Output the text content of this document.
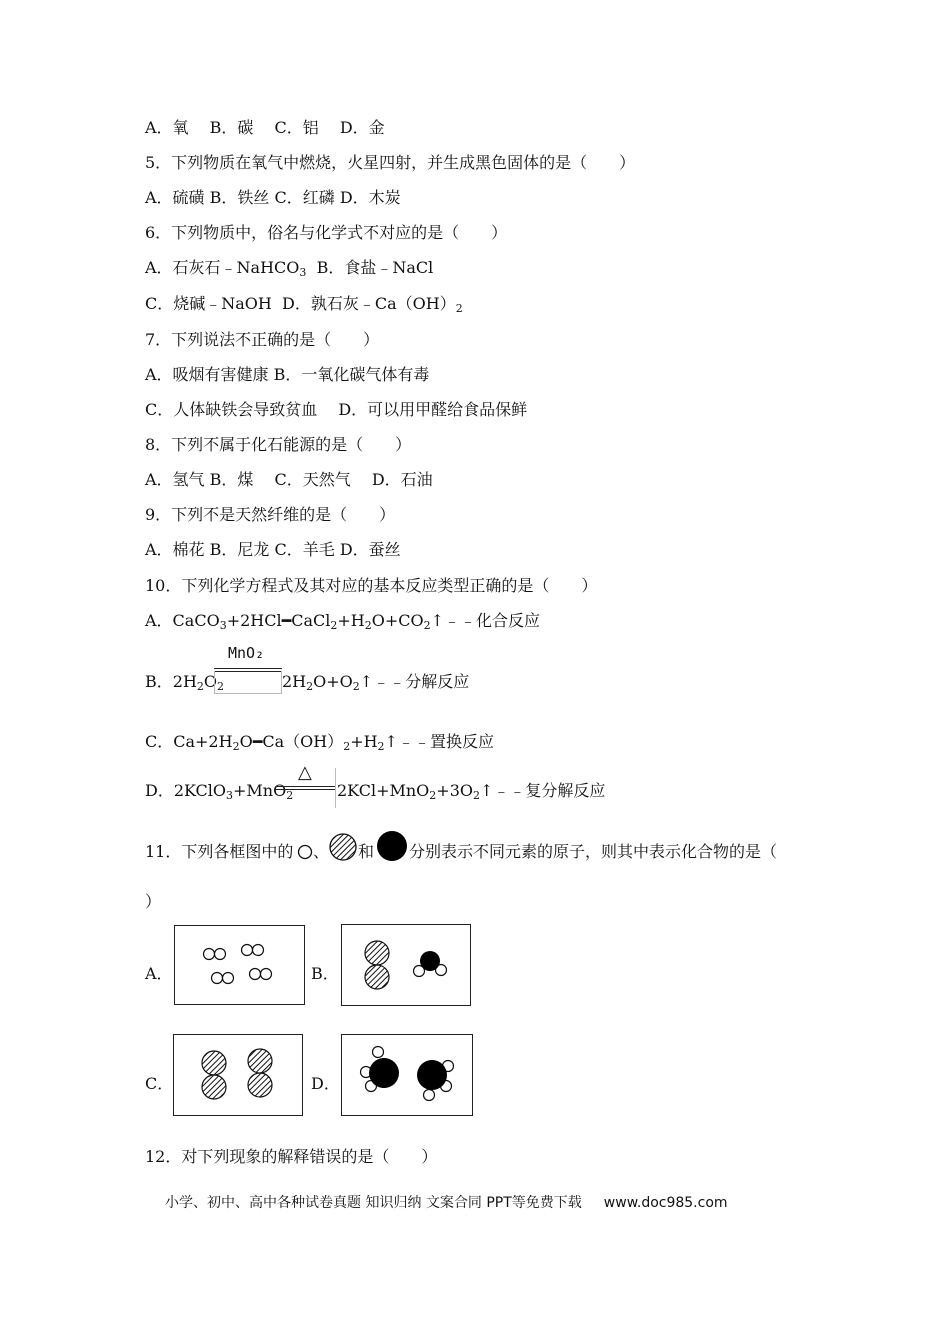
A．氧　 B．碳　 C．铝　 D．金
5．下列物质在氧气中燃烧，火星四射，并生成黑色固体的是（　　）
A．硫磺 B．铁丝 C．红磷 D．木炭
6．下列物质中，俗名与化学式不对应的是（　　）
A．石灰石﹣NaHCO$_3$ B．食盐﹣NaCl
C．烧碱﹣NaOH D．孰石灰$﹣Ca(OH)_2$
7．下列说法不正确的是（　　）
A．吸烟有害健康 B．一氧化碳气体有毒
C．人体缺铁会导致贫血　 D．可以用甲醛给食品保鲜
8．下列不属于化石能源的是（　　）
A．氢气 B．煤　 C．天然气　 D．石油
9．下列不是天然纤维的是（　　）
A．棉花 B．尼龙 C．羊毛 D．蚕丝
10．下列化学方程式及其对应的基本反应类型正确的是（　　）
A．$CaCO_3+2HCl━CaCl_2+H_2O+CO_2↑﹣﹣$化合反应
B．$2H_2O_2$
MnO₂
$2H_2O+O_2↑﹣﹣$分解反应
C．$Ca+2H_2O━Ca(OH)_2+H_2↑﹣﹣$置换反应
D．2KClO$_3$+MnO$_2$
△
$2KCl+MnO_2+3O_2↑﹣﹣$复分解反应
11．下列各框图中的 、 和 分别表示不同元素的原子，则其中表示化合物的是（
）
A．	B．
C．	D．
12．对下列现象的解释错误的是（　　）
小学、初中、高中各种试卷真题 知识归纳 文案合同 PPT等免费下载 www.doc985.com
